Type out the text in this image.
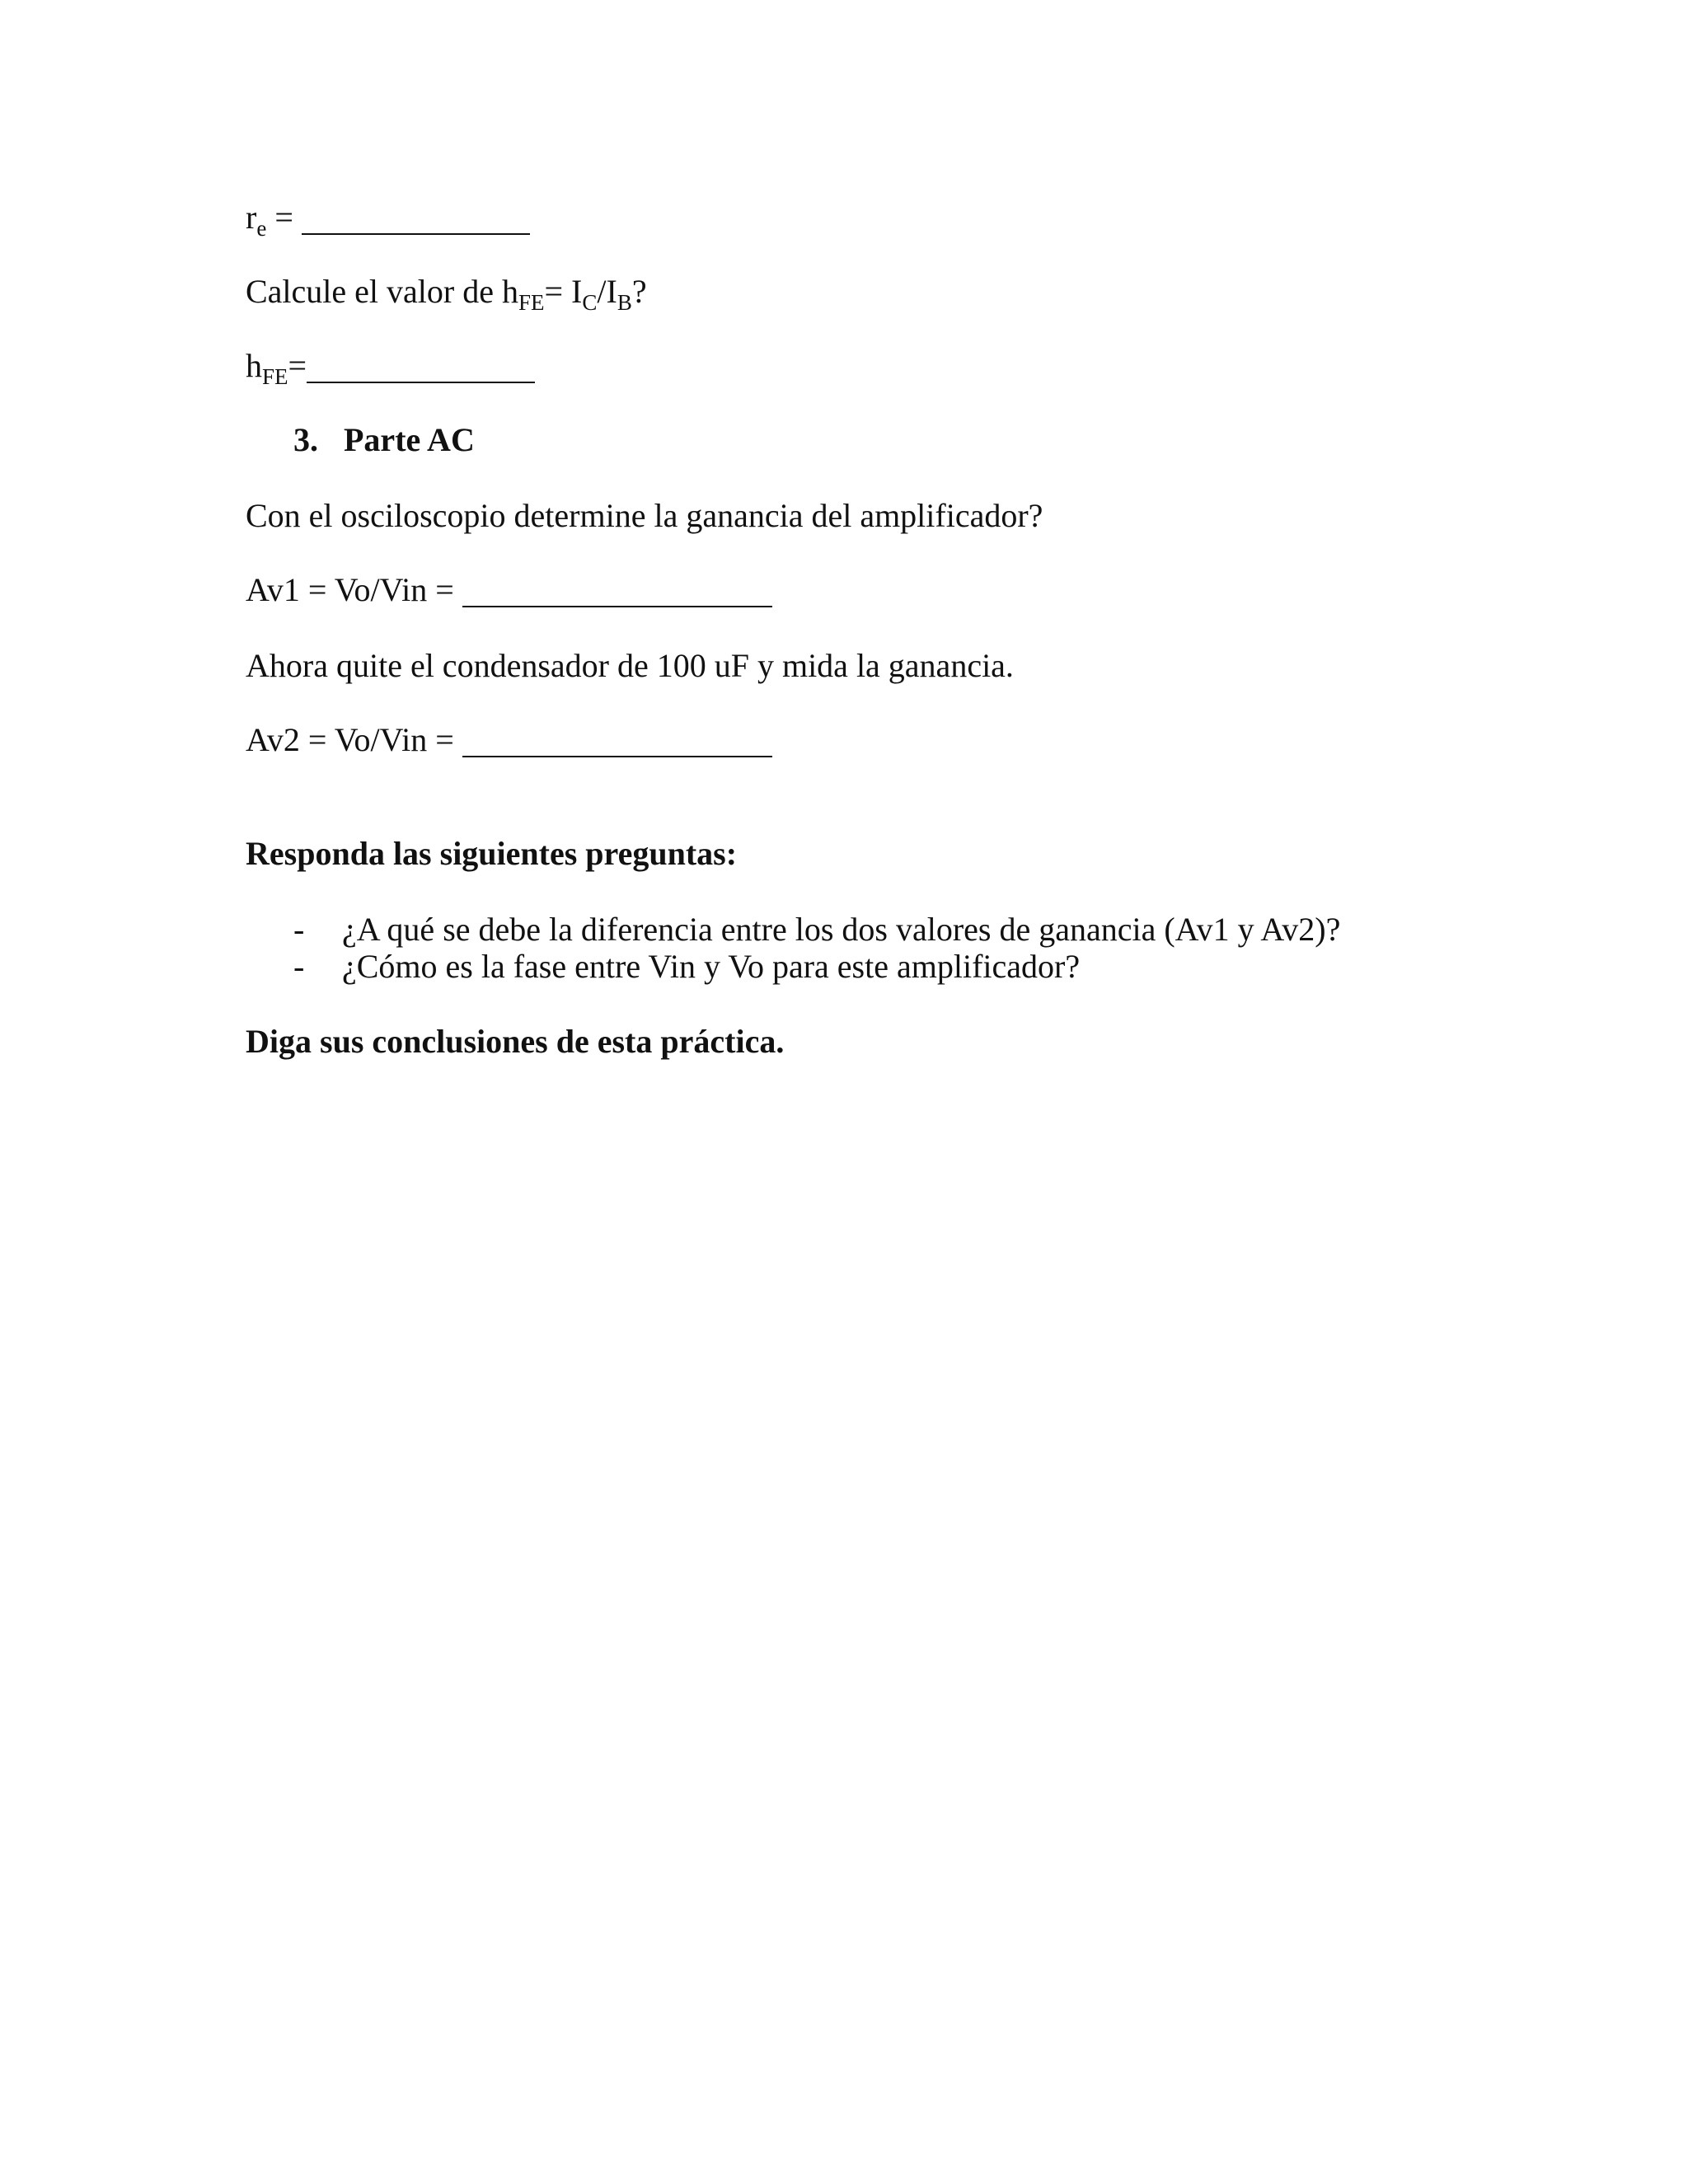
$r_e$ =
Calcule el valor de $h_{FE}= I_C/I_B$?
$h_{FE}=$
3. Parte AC
Con el osciloscopio determine la ganancia del amplificador?
Av1 = Vo/Vin =
Ahora quite el condensador de 100 uF y mida la ganancia.
Av2 = Vo/Vin =
Responda las siguientes preguntas:
- ¿A qué se debe la diferencia entre los dos valores de ganancia (Av1 y Av2)?
- ¿Cómo es la fase entre Vin y Vo para este amplificador?
Diga sus conclusiones de esta práctica.
